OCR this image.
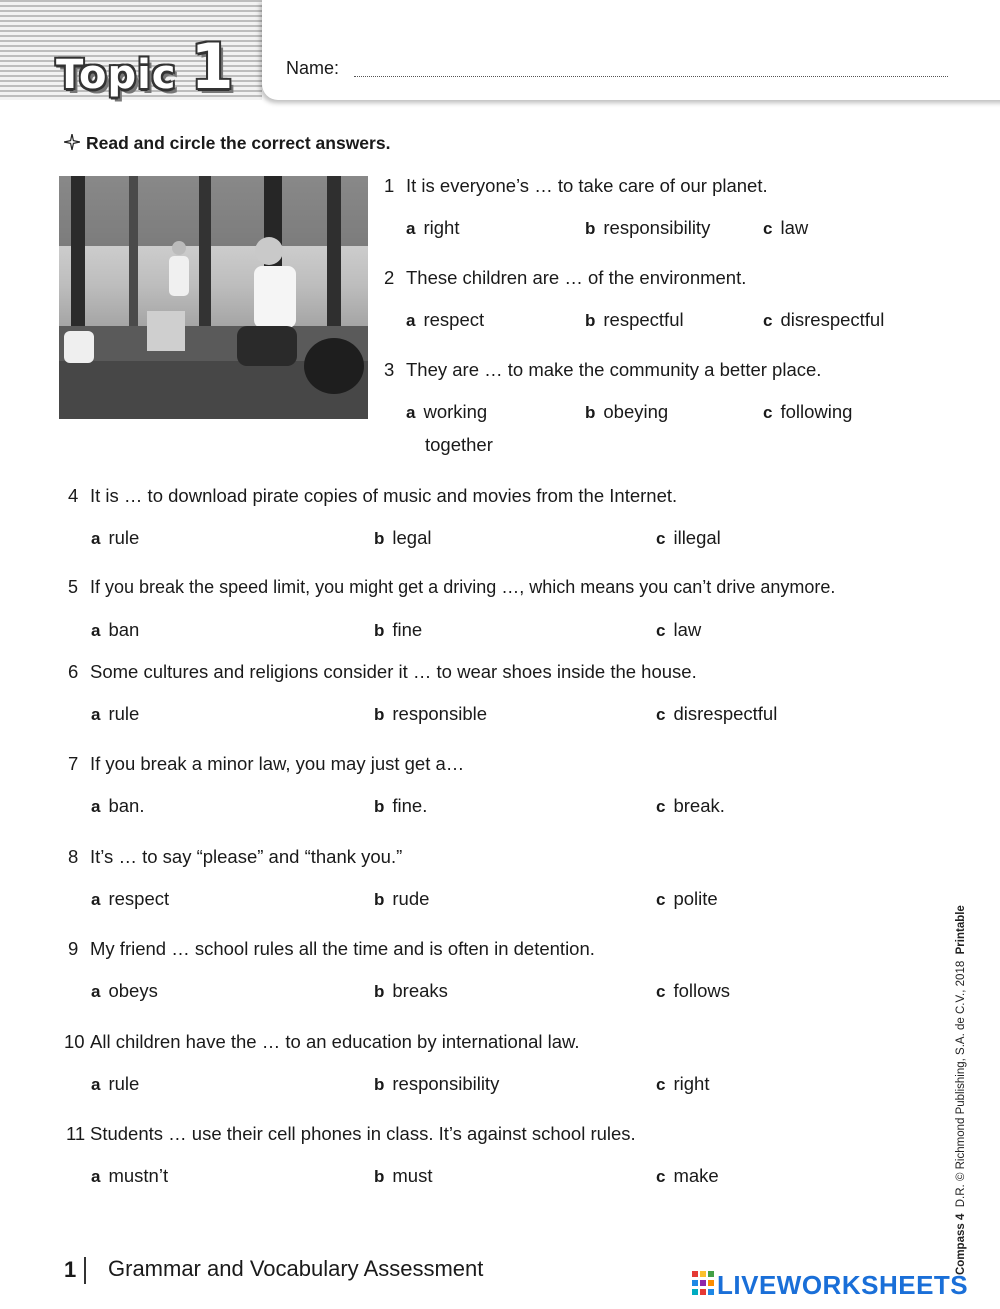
Topic 1	Name:
Read and circle the correct answers.
1 It is everyone’s … to take care of our planet.
a right	b responsibility	c law
2 These children are … of the environment.
a respect	b respectful	c disrespectful
3 They are … to make the community a better place.
a working
together
b obeying	c following
4 It is … to download pirate copies of music and movies from the Internet.
a rule	b legal	c illegal
5 If you break the speed limit, you might get a driving …, which means you can’t drive anymore.
a ban	b fine	c law
6 Some cultures and religions consider it … to wear shoes inside the house.
a rule	b responsible	c disrespectful
7 If you break a minor law, you may just get a…
a ban.	b fine.	c break.
8 It’s … to say “please” and “thank you.”
a respect	b rude	c polite
9 My friend … school rules all the time and is often in detention.
a obeys	b breaks	c follows
10 All children have the … to an education by international law.
a rule	b responsibility	c right
11 Students … use their cell phones in class. It’s against school rules.
a mustn’t	b must	c make
Compass 4  D.R. © Richmond Publishing, S.A. de C.V., 2018  Printable
1 Grammar and Vocabulary Assessment
LIVEWORKSHEETS
